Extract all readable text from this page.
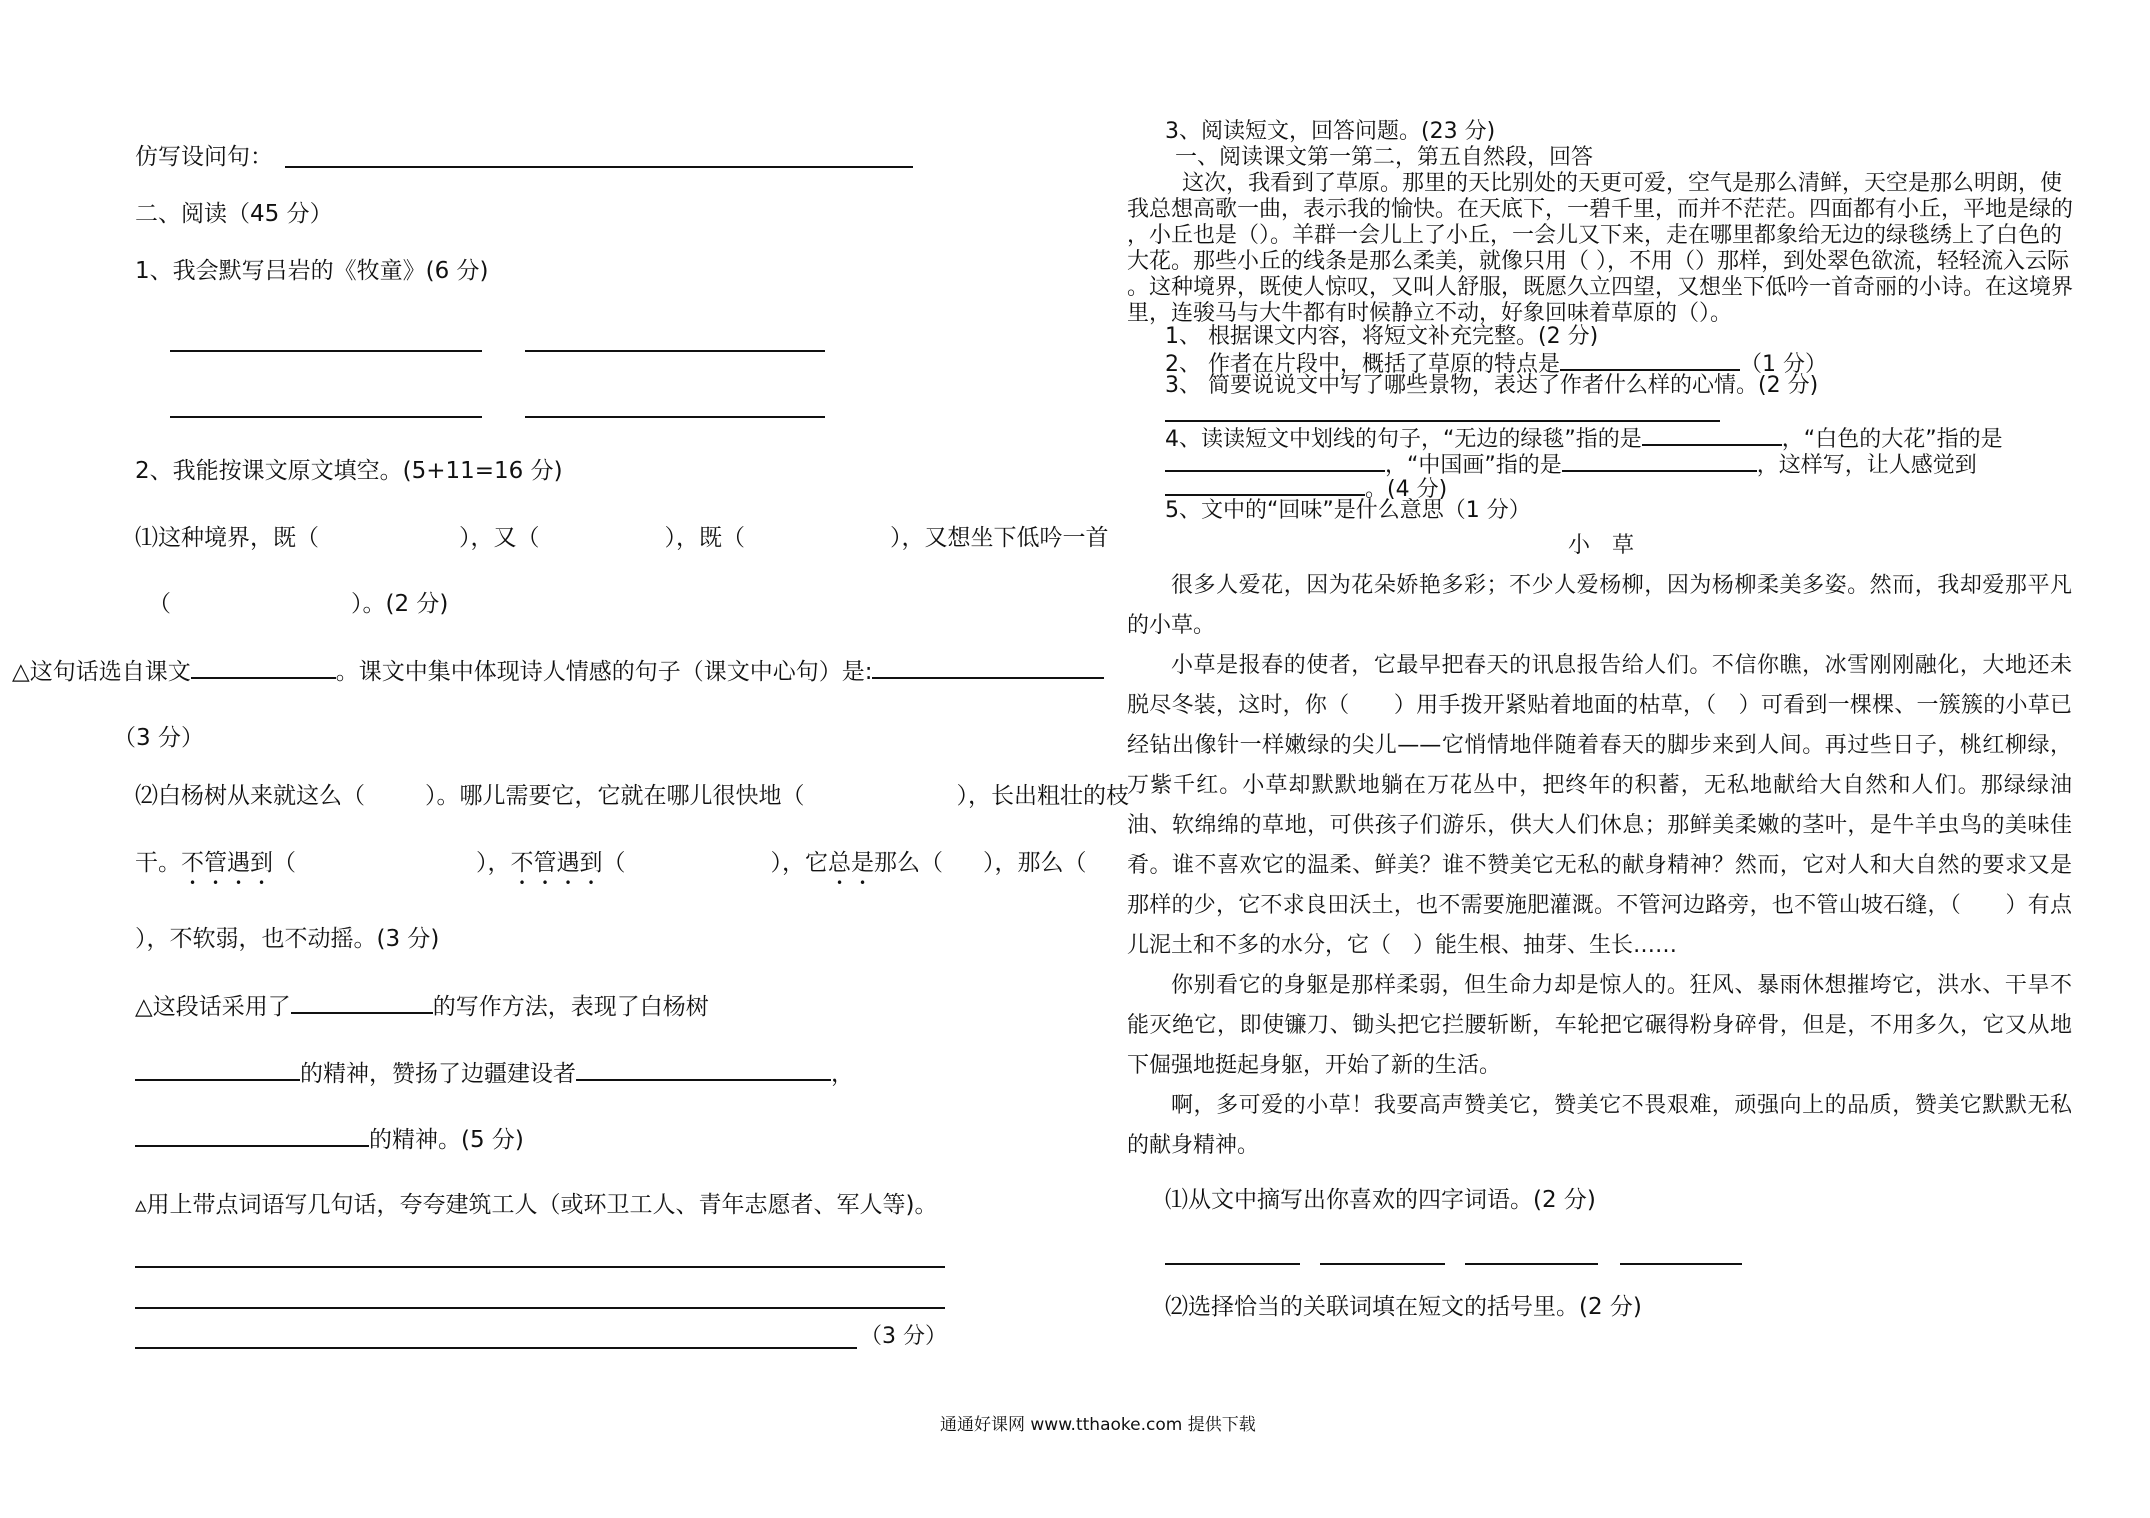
仿写设问句：
二、阅读（45 分）
1、我会默写吕岩的《牧童》(6 分)
2、我能按课文原文填空。(5+11=16 分)
⑴这种境界，既（	），又（	），既（	），又想坐下低吟一首
（	）。(2 分)
△这句话选自课文	。课文中集中体现诗人情感的句子（课文中心句）是:
（3 分）
⑵白杨树从来就这么（	）。哪儿需要它，它就在哪儿很快地（	），长出粗壮的枝
干。不管遇到（	），不管遇到（	），它总是那么（ ），那么（
），不软弱，也不动摇。(3 分)
△这段话采用了	的写作方法，表现了白杨树
的精神，赞扬了边疆建设者	，
的精神。(5 分)
▵用上带点词语写几句话，夸夸建筑工人（或环卫工人、青年志愿者、军人等)。
（3 分）
3、阅读短文，回答问题。(23 分)
一、阅读课文第一第二，第五自然段，回答
这次，我看到了草原。那里的天比别处的天更可爱，空气是那么清鲜，天空是那么明朗，使
我总想高歌一曲，表示我的愉快。在天底下，一碧千里，而并不茫茫。四面都有小丘，平地是绿的
，小丘也是（）。羊群一会儿上了小丘，一会儿又下来，走在哪里都象给无边的绿毯绣上了白色的
大花。那些小丘的线条是那么柔美，就像只用（ ），不用（）那样，到处翠色欲流，轻轻流入云际
。这种境界，既使人惊叹，又叫人舒服，既愿久立四望，又想坐下低吟一首奇丽的小诗。在这境界
里，连骏马与大牛都有时候静立不动，好象回味着草原的（）。
1、 根据课文内容，将短文补充完整。(2 分)
2、 作者在片段中，概括了草原的特点是	（1 分）
3、 简要说说文中写了哪些景物，表达了作者什么样的心情。(2 分)
4、读读短文中划线的句子，“无边的绿毯”指的是	，“白色的大花”指的是
，“中国画”指的是	，这样写，让人感觉到
。(4 分)
5、文中的“回味”是什么意思（1 分）
小　草
很多人爱花，因为花朵娇艳多彩；不少人爱杨柳，因为杨柳柔美多姿。然而，我却爱那平凡的小草。
小草是报春的使者，它最早把春天的讯息报告给人们。不信你瞧，冰雪刚刚融化，大地还未脱尽冬装，这时，你（　　）用手拨开紧贴着地面的枯草，（　）可看到一棵棵、一簇簇的小草已经钻出像针一样嫩绿的尖儿——它悄情地伴随着春天的脚步来到人间。再过些日子，桃红柳绿，万紫千红。小草却默默地躺在万花丛中，把终年的积蓄，无私地献给大自然和人们。那绿绿油油、软绵绵的草地，可供孩子们游乐，供大人们休息；那鲜美柔嫩的茎叶，是牛羊虫鸟的美味佳肴。谁不喜欢它的温柔、鲜美？谁不赞美它无私的献身精神？然而，它对人和大自然的要求又是那样的少，它不求良田沃土，也不需要施肥灌溉。不管河边路旁，也不管山坡石缝，（　　）有点儿泥土和不多的水分，它（　）能生根、抽芽、生长……
你别看它的身躯是那样柔弱，但生命力却是惊人的。狂风、暴雨休想摧垮它，洪水、干旱不能灭绝它，即使镰刀、锄头把它拦腰斩断，车轮把它碾得粉身碎骨，但是，不用多久，它又从地下倔强地挺起身躯，开始了新的生活。
啊，多可爱的小草！我要高声赞美它，赞美它不畏艰难，顽强向上的品质，赞美它默默无私的献身精神。
⑴从文中摘写出你喜欢的四字词语。(2 分)
⑵选择恰当的关联词填在短文的括号里。(2 分)
通通好课网 www.tthaoke.com 提供下载
